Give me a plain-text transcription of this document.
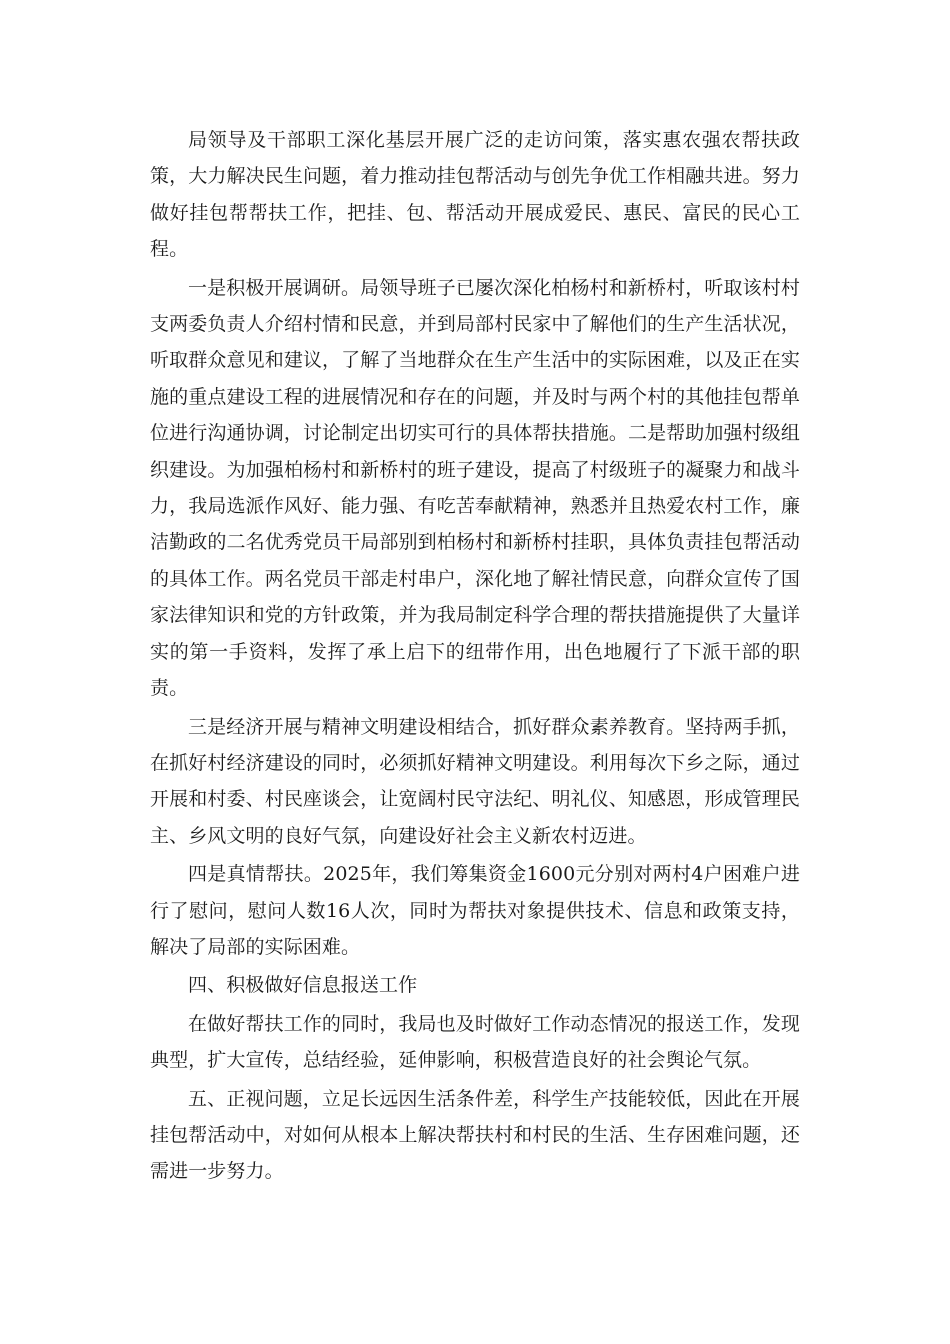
局领导及干部职工深化基层开展广泛的走访问策，落实惠农强农帮扶政策，大力解决民生问题，着力推动挂包帮活动与创先争优工作相融共进。努力做好挂包帮帮扶工作，把挂、包、帮活动开展成爱民、惠民、富民的民心工程。

一是积极开展调研。局领导班子已屡次深化柏杨村和新桥村，听取该村村支两委负责人介绍村情和民意，并到局部村民家中了解他们的生产生活状况，听取群众意见和建议，了解了当地群众在生产生活中的实际困难，以及正在实施的重点建设工程的进展情况和存在的问题，并及时与两个村的其他挂包帮单位进行沟通协调，讨论制定出切实可行的具体帮扶措施。二是帮助加强村级组织建设。为加强柏杨村和新桥村的班子建设，提高了村级班子的凝聚力和战斗力，我局选派作风好、能力强、有吃苦奉献精神，熟悉并且热爱农村工作，廉洁勤政的二名优秀党员干局部别到柏杨村和新桥村挂职，具体负责挂包帮活动的具体工作。两名党员干部走村串户，深化地了解社情民意，向群众宣传了国家法律知识和党的方针政策，并为我局制定科学合理的帮扶措施提供了大量详实的第一手资料，发挥了承上启下的纽带作用，出色地履行了下派干部的职责。

三是经济开展与精神文明建设相结合，抓好群众素养教育。坚持两手抓，在抓好村经济建设的同时，必须抓好精神文明建设。利用每次下乡之际，通过开展和村委、村民座谈会，让宽阔村民守法纪、明礼仪、知感恩，形成管理民主、乡风文明的良好气氛，向建设好社会主义新农村迈进。

四是真情帮扶。2025年，我们筹集资金1600元分别对两村4户困难户进行了慰问，慰问人数16人次，同时为帮扶对象提供技术、信息和政策支持，解决了局部的实际困难。

四、积极做好信息报送工作

在做好帮扶工作的同时，我局也及时做好工作动态情况的报送工作，发现典型，扩大宣传，总结经验，延伸影响，积极营造良好的社会舆论气氛。

五、正视问题，立足长远因生活条件差，科学生产技能较低，因此在开展挂包帮活动中，对如何从根本上解决帮扶村和村民的生活、生存困难问题，还需进一步努力。
